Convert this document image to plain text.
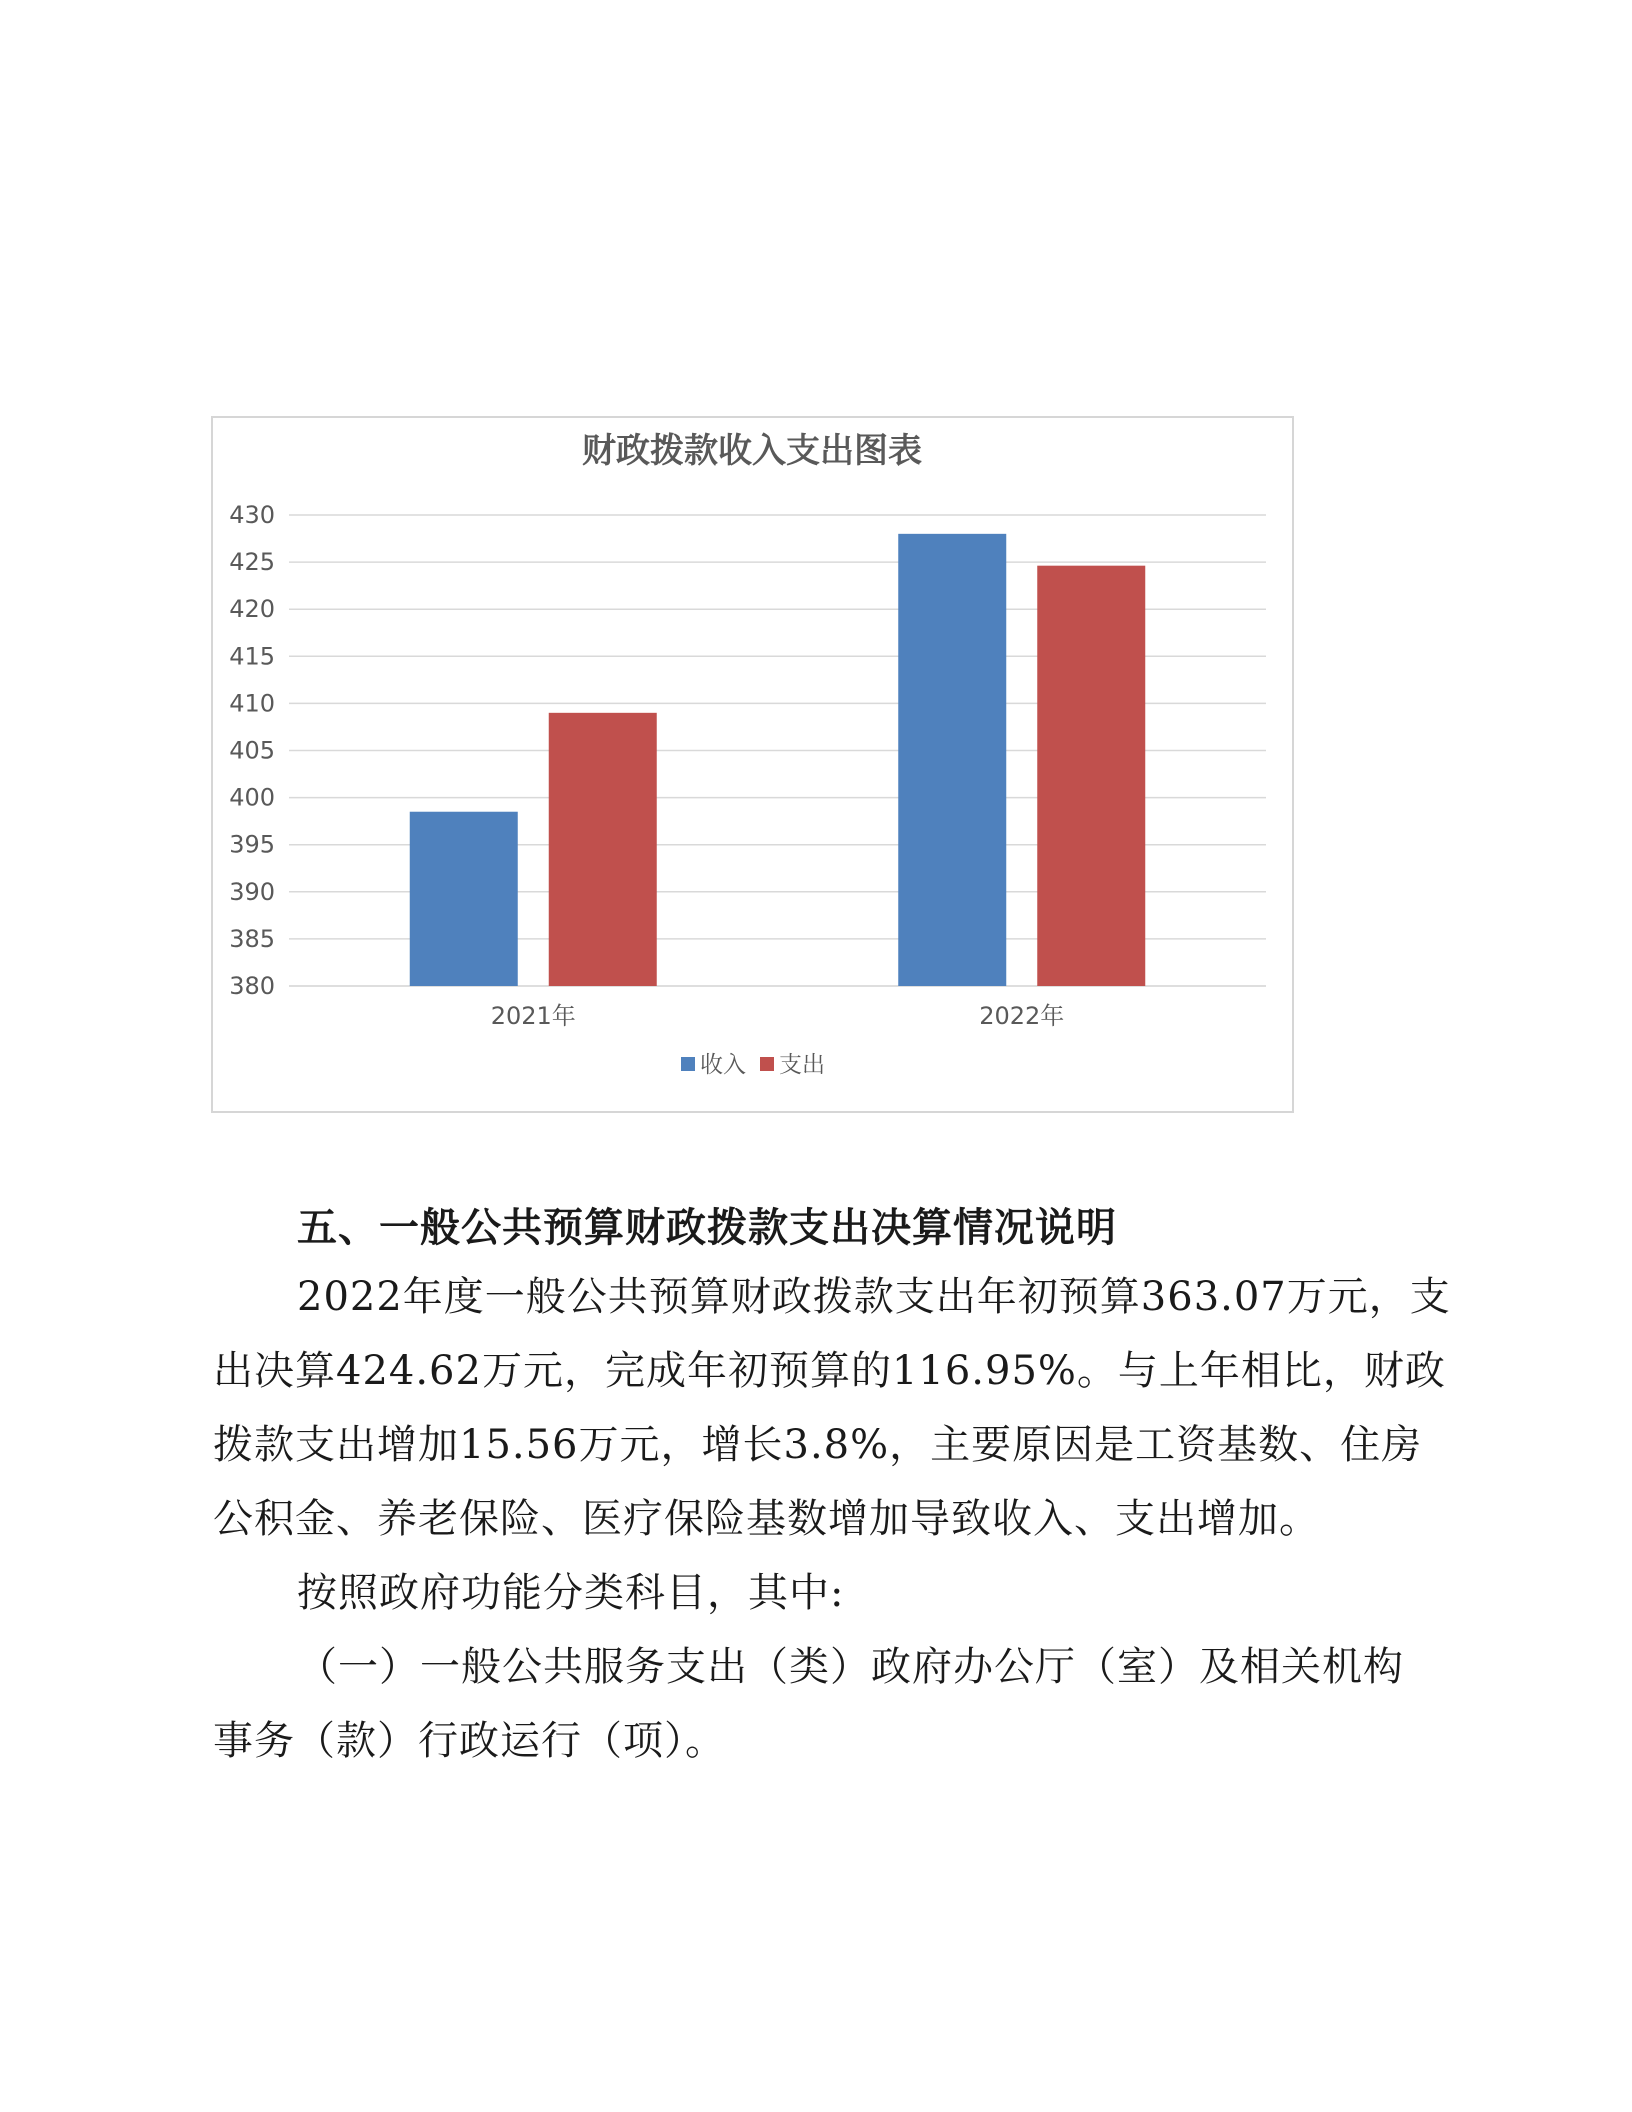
财政拨款收入支出图表
380
385
390
395
400
405
410
415
420
425
430
2021年	2022年
收入 支出
五、一般公共预算财政拨款支出决算情况说明

2022年度一般公共预算财政拨款支出年初预算363.07万元，支
出决算424.62万元，完成年初预算的116.95%。与上年相比，财政
拨款支出增加15.56万元，增长3.8%，主要原因是工资基数、住房
公积金、养老保险、医疗保险基数增加导致收入、支出增加。

按照政府功能分类科目，其中:

（一）一般公共服务支出（类）政府办公厅（室）及相关机构
事务（款）行政运行（项）。
